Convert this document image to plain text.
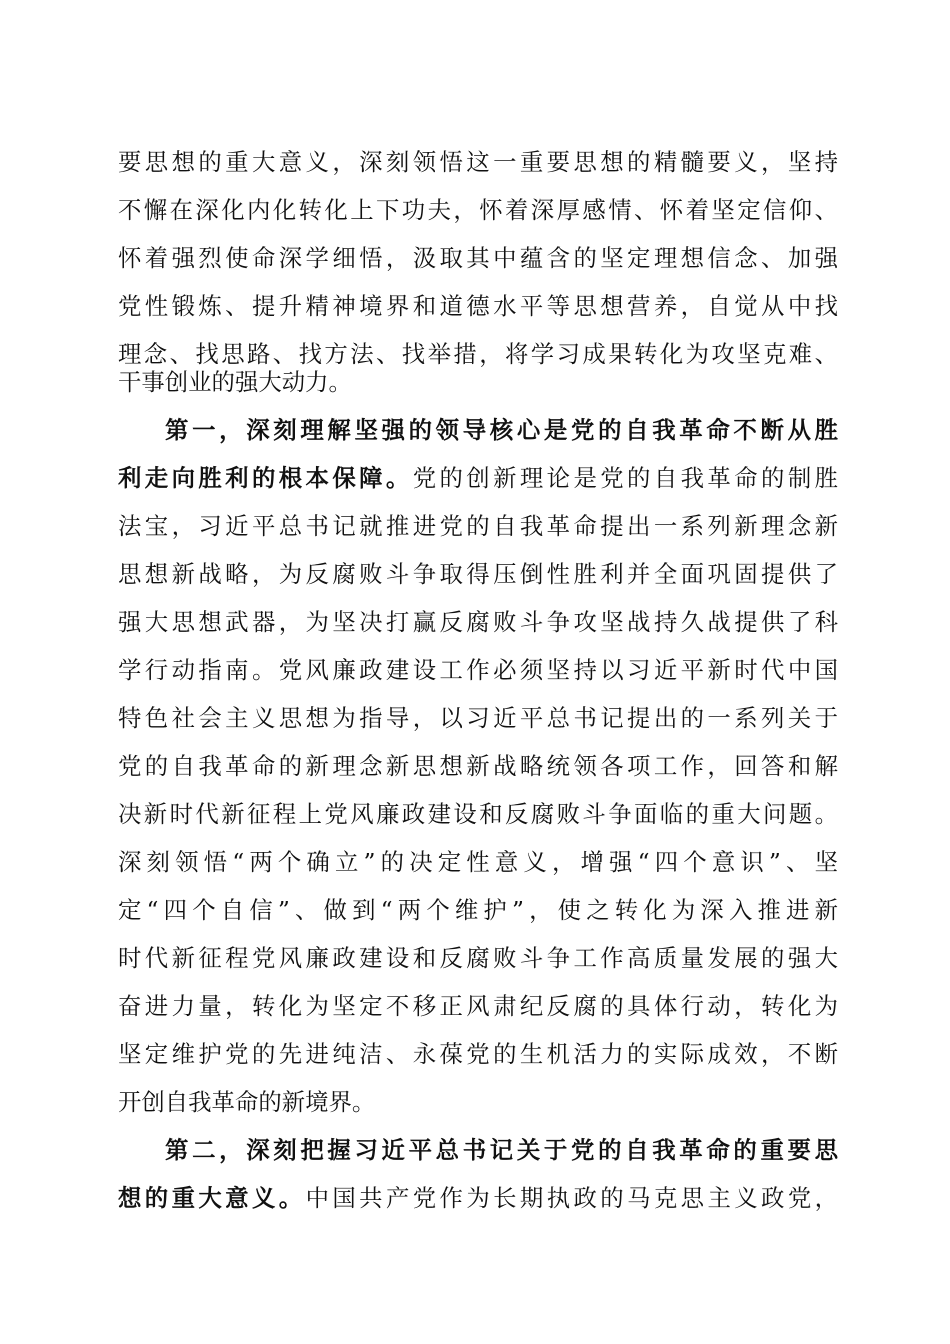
要思想的重大意义，深刻领悟这一重要思想的精髓要义，坚持
不懈在深化内化转化上下功夫，怀着深厚感情、怀着坚定信仰、
怀着强烈使命深学细悟，汲取其中蕴含的坚定理想信念、加强
党性锻炼、提升精神境界和道德水平等思想营养，自觉从中找
理念、找思路、找方法、找举措，将学习成果转化为攻坚克难、
干事创业的强大动力。
第一，深刻理解坚强的领导核心是党的自我革命不断从胜
利走向胜利的根本保障。党的创新理论是党的自我革命的制胜
法宝，习近平总书记就推进党的自我革命提出一系列新理念新
思想新战略，为反腐败斗争取得压倒性胜利并全面巩固提供了
强大思想武器，为坚决打赢反腐败斗争攻坚战持久战提供了科
学行动指南。党风廉政建设工作必须坚持以习近平新时代中国
特色社会主义思想为指导，以习近平总书记提出的一系列关于
党的自我革命的新理念新思想新战略统领各项工作，回答和解
决新时代新征程上党风廉政建设和反腐败斗争面临的重大问题。
深刻领悟“两个确立”的决定性意义，增强“四个意识”、坚
定“四个自信”、做到“两个维护”，使之转化为深入推进新
时代新征程党风廉政建设和反腐败斗争工作高质量发展的强大
奋进力量，转化为坚定不移正风肃纪反腐的具体行动，转化为
坚定维护党的先进纯洁、永葆党的生机活力的实际成效，不断
开创自我革命的新境界。
第二，深刻把握习近平总书记关于党的自我革命的重要思
想的重大意义。中国共产党作为长期执政的马克思主义政党，
